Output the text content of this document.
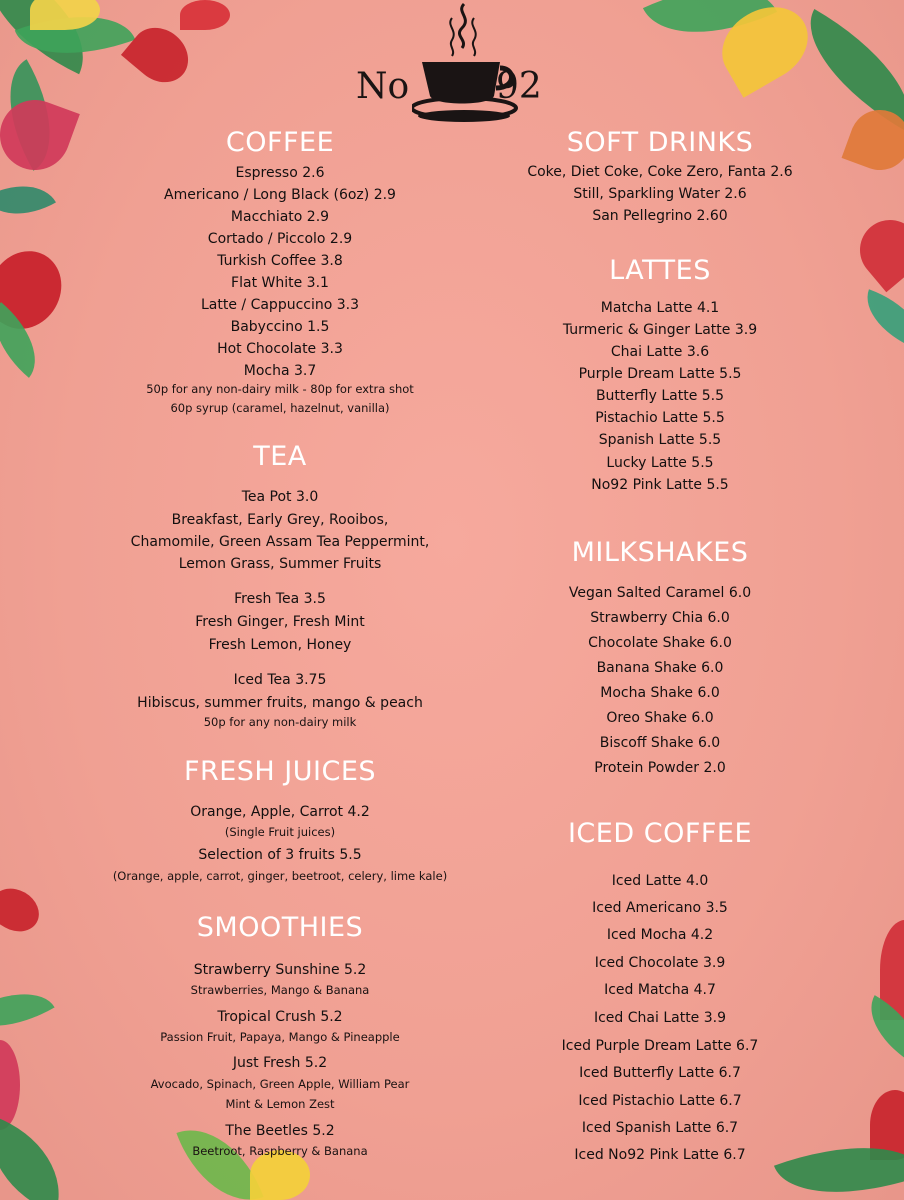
No 92
COFFEE
Espresso 2.6
Americano / Long Black (6oz) 2.9
Macchiato 2.9
Cortado / Piccolo 2.9
Turkish Coffee 3.8
Flat White 3.1
Latte / Cappuccino 3.3
Babyccino 1.5
Hot Chocolate 3.3
Mocha 3.7
50p for any non-dairy milk - 80p for extra shot
60p syrup (caramel, hazelnut, vanilla)
TEA
Tea Pot 3.0
Breakfast, Early Grey, Rooibos,
Chamomile, Green Assam Tea Peppermint,
Lemon Grass, Summer Fruits
Fresh Tea 3.5
Fresh Ginger, Fresh Mint
Fresh Lemon, Honey
Iced Tea 3.75
Hibiscus, summer fruits, mango & peach
50p for any non-dairy milk
FRESH JUICES
Orange, Apple, Carrot 4.2
(Single Fruit juices)
Selection of 3 fruits 5.5
(Orange, apple, carrot, ginger, beetroot, celery, lime kale)
SMOOTHIES
Strawberry Sunshine 5.2
Strawberries, Mango & Banana
Tropical Crush 5.2
Passion Fruit, Papaya, Mango & Pineapple
Just Fresh 5.2
Avocado, Spinach, Green Apple, William Pear
Mint & Lemon Zest
The Beetles 5.2
Beetroot, Raspberry & Banana
SOFT DRINKS
Coke, Diet Coke, Coke Zero, Fanta 2.6
Still, Sparkling Water 2.6
San Pellegrino 2.60
LATTES
Matcha Latte 4.1
Turmeric & Ginger Latte 3.9
Chai Latte 3.6
Purple Dream Latte 5.5
Butterfly Latte 5.5
Pistachio Latte 5.5
Spanish Latte 5.5
Lucky Latte 5.5
No92 Pink Latte 5.5
MILKSHAKES
Vegan Salted Caramel 6.0
Strawberry Chia 6.0
Chocolate Shake 6.0
Banana Shake 6.0
Mocha Shake 6.0
Oreo Shake 6.0
Biscoff Shake 6.0
Protein Powder 2.0
ICED COFFEE
Iced Latte 4.0
Iced Americano 3.5
Iced Mocha 4.2
Iced Chocolate 3.9
Iced Matcha 4.7
Iced Chai Latte 3.9
Iced Purple Dream Latte 6.7
Iced Butterfly Latte 6.7
Iced Pistachio Latte 6.7
Iced Spanish Latte 6.7
Iced No92 Pink Latte 6.7
